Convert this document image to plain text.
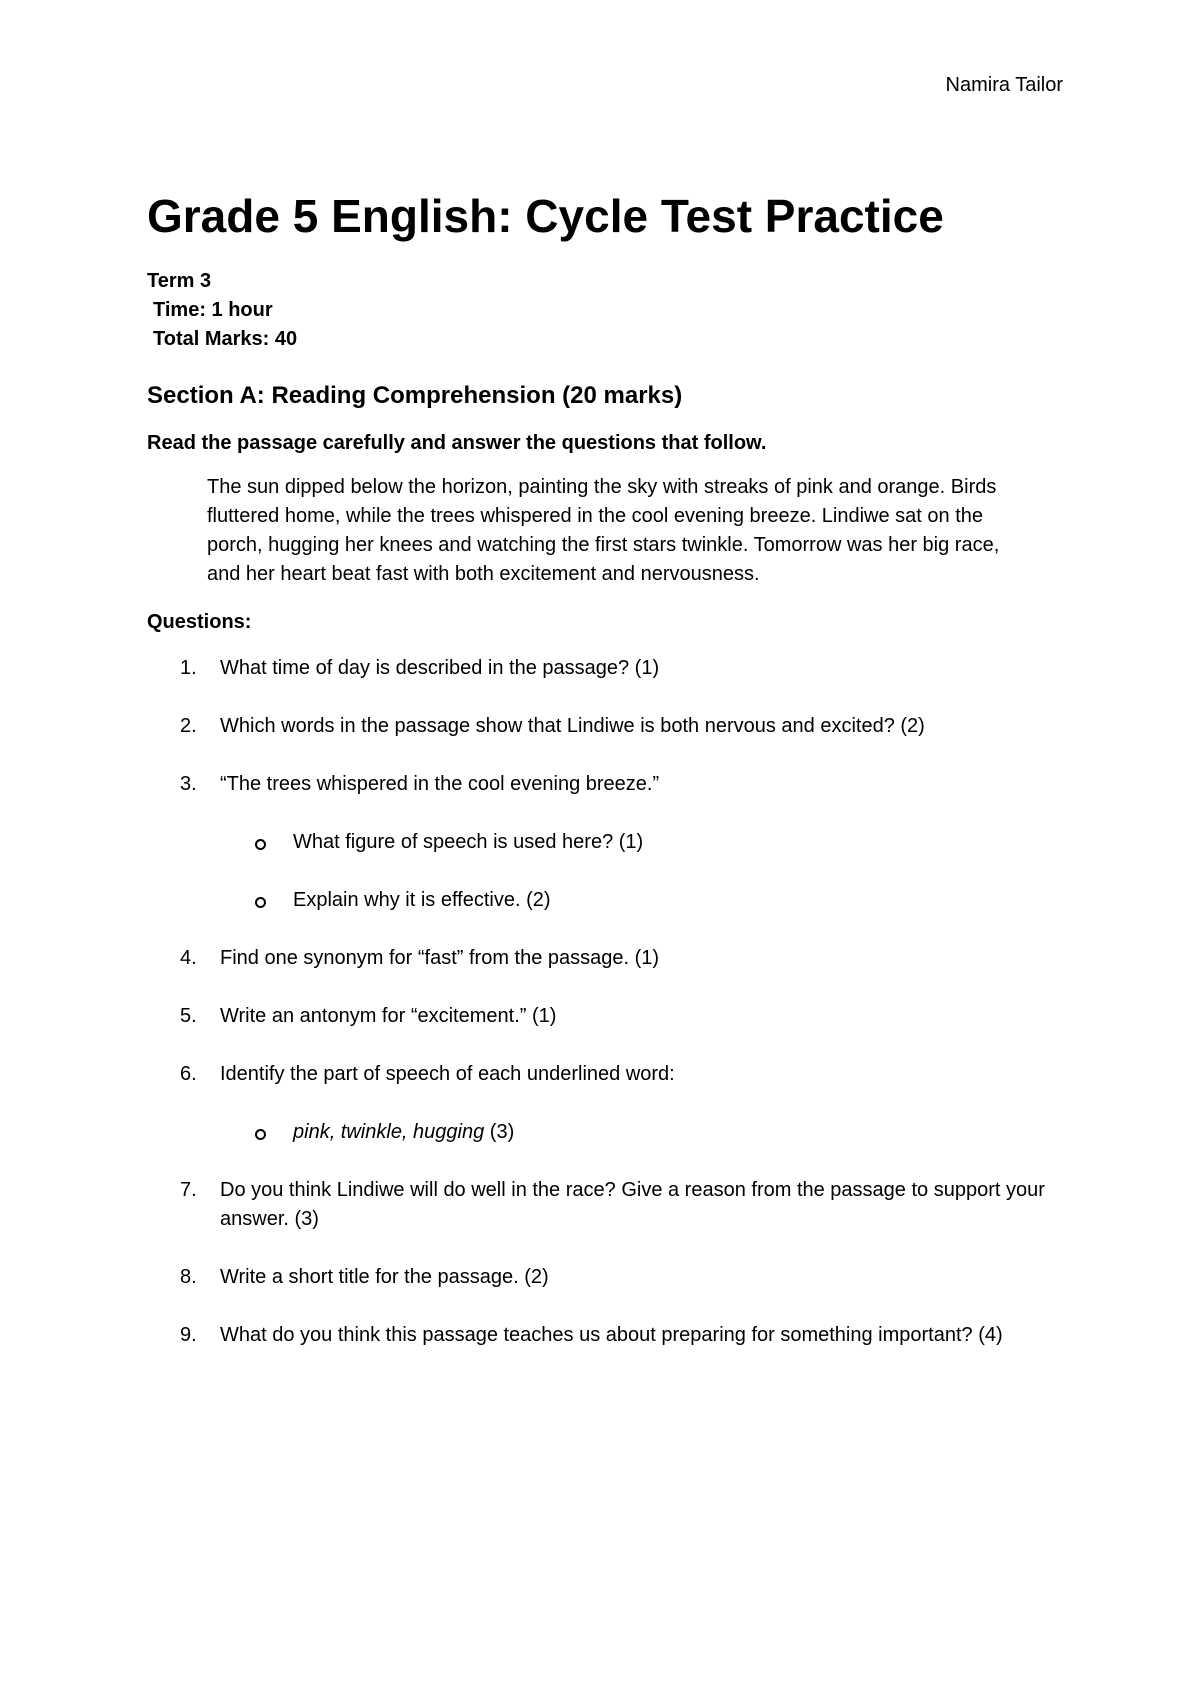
Namira Tailor
Grade 5 English: Cycle Test Practice
Term 3
Time: 1 hour
Total Marks: 40
Section A: Reading Comprehension (20 marks)

Read the passage carefully and answer the questions that follow.

The sun dipped below the horizon, painting the sky with streaks of pink and orange. Birds fluttered home, while the trees whispered in the cool evening breeze. Lindiwe sat on the porch, hugging her knees and watching the first stars twinkle. Tomorrow was her big race, and her heart beat fast with both excitement and nervousness.

Questions:

1.	What time of day is described in the passage? (1)
2.	Which words in the passage show that Lindiwe is both nervous and excited? (2)
3.	“The trees whispered in the cool evening breeze.”
What figure of speech is used here? (1)
Explain why it is effective. (2)
4.	Find one synonym for “fast” from the passage. (1)
5.	Write an antonym for “excitement.” (1)
6.	Identify the part of speech of each underlined word:
pink, twinkle, hugging (3)
7.	Do you think Lindiwe will do well in the race? Give a reason from the passage to support your answer. (3)
8.	Write a short title for the passage. (2)
9.	What do you think this passage teaches us about preparing for something important? (4)
